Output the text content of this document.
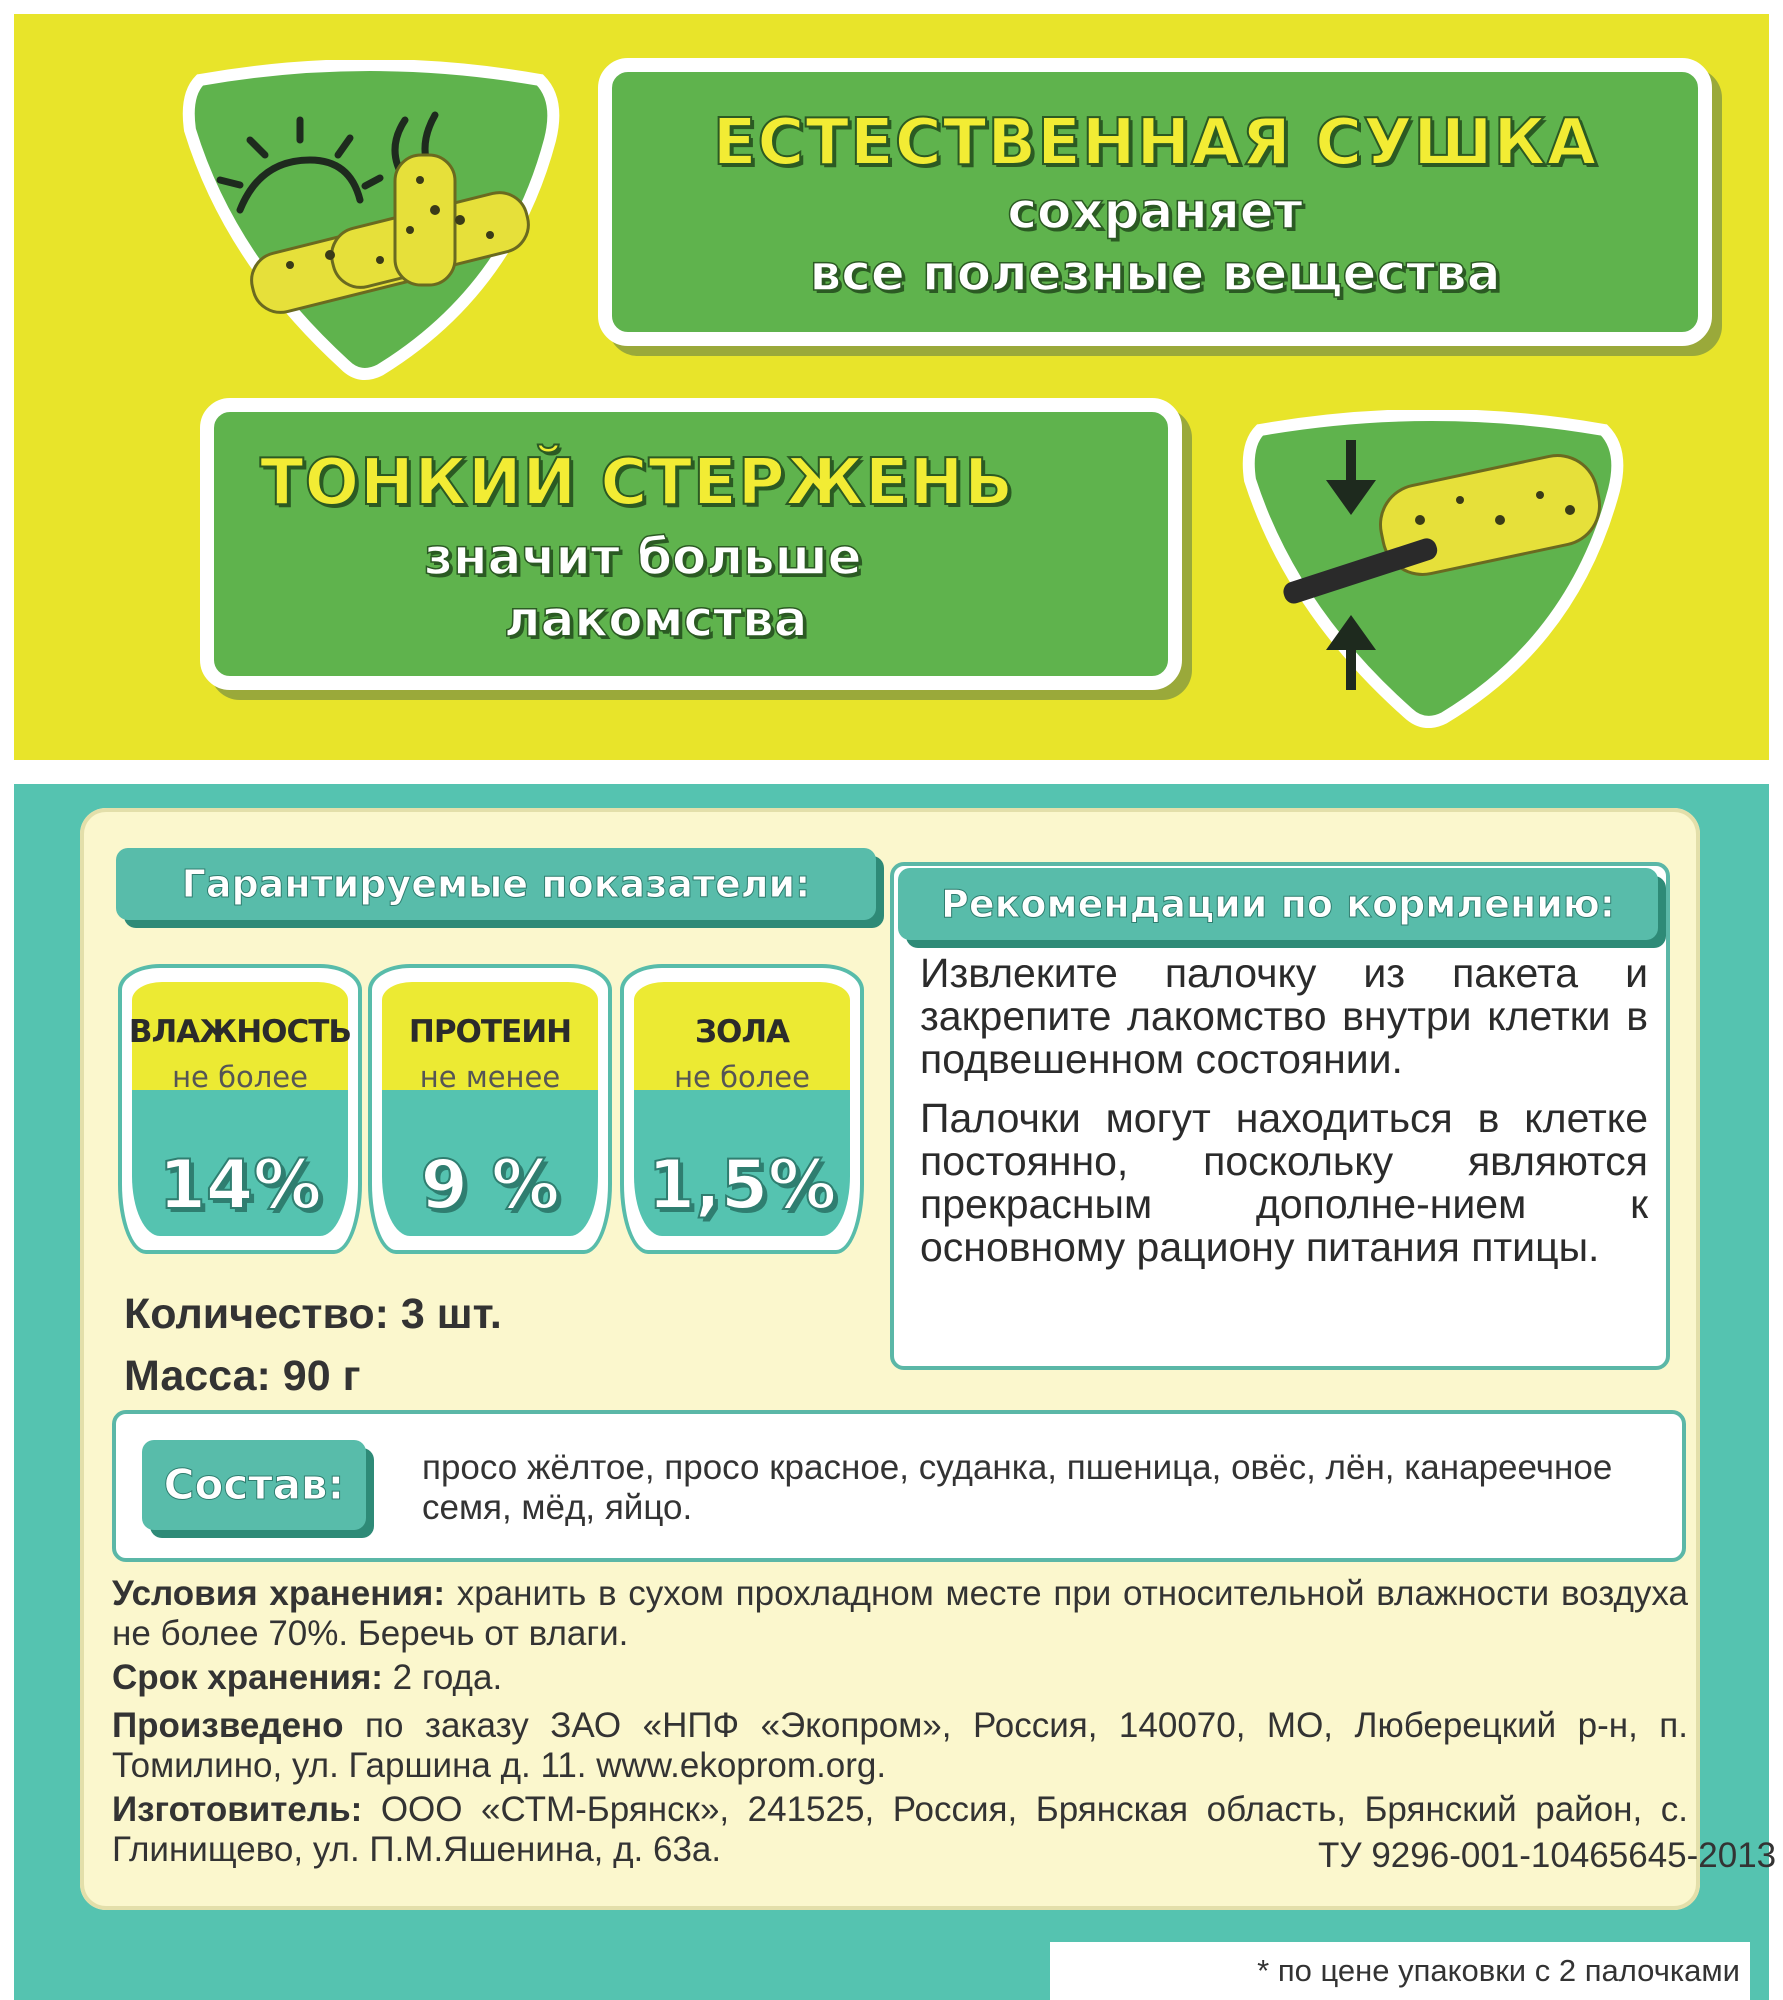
ЕСТЕСТВЕННАЯ СУШКА
сохраняет
все полезные вещества
ТОНКИЙ СТЕРЖЕНЬ
значит больше
лакомства
Гарантируемые показатели:	Рекомендации по кормлению:

Извлеките палочку из пакета и закрепите лакомство внутри клетки в подвешенном состоянии.

Палочки могут находиться в клетке постоянно, поскольку являются прекрасным дополне-нием к основному рациону питания птицы.

ВЛАЖНОСТЬ
не более
14%
ПРОТЕИН
не менее
9 %
ЗОЛА
не более
1,5%
Количество: 3 шт.
Масса: 90 г
Состав:	просо жёлтое, просо красное, суданка, пшеница, овёс, лён, канареечное семя, мёд, яйцо.
Условия хранения: хранить в сухом прохладном месте при относительной влажности воздуха не более 70%. Беречь от влаги.
Срок хранения: 2 года.
Произведено по заказу ЗАО «НПФ «Экопром», Россия, 140070, МО, Люберецкий р-н, п. Томилино, ул. Гаршина д. 11. www.ekoprom.org.
Изготовитель: ООО «СТМ-Брянск», 241525, Россия, Брянская область, Брянский район, с. Глинищево, ул. П.М.Яшенина, д. 63а.	ТУ 9296-001-10465645-2013
* по цене упаковки с 2 палочками
